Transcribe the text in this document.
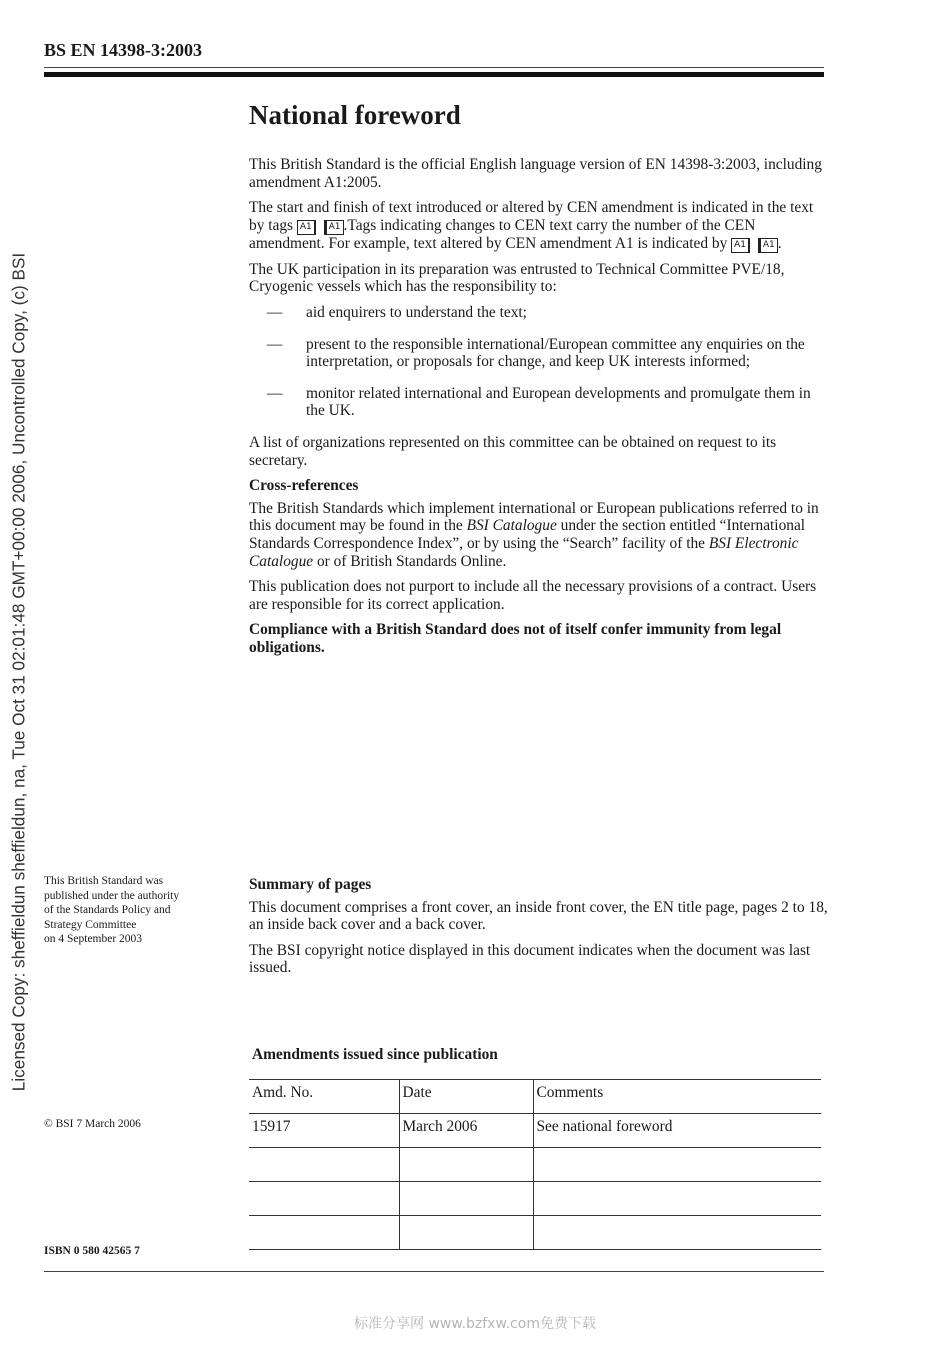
BS EN 14398-3:2003
National foreword

This British Standard is the official English language version of EN 14398-3:2003, including amendment A1:2005.

The start and finish of text introduced or altered by CEN amendment is indicated in the text by tags A1 A1 .Tags indicating changes to CEN text carry the number of the CEN amendment. For example, text altered by CEN amendment A1 is indicated by A1 A1 .

The UK participation in its preparation was entrusted to Technical Committee PVE/18, Cryogenic vessels which has the responsibility to:

— aid enquirers to understand the text;
— present to the responsible international/European committee any enquiries on the interpretation, or proposals for change, and keep UK interests informed;
— monitor related international and European developments and promulgate them in the UK.

A list of organizations represented on this committee can be obtained on request to its secretary.

Cross-references

The British Standards which implement international or European publications referred to in this document may be found in the BSI Catalogue under the section entitled “International Standards Correspondence Index”, or by using the “Search” facility of the BSI Electronic Catalogue or of British Standards Online.

This publication does not purport to include all the necessary provisions of a contract. Users are responsible for its correct application.

Compliance with a British Standard does not of itself confer immunity from legal obligations.

This British Standard was
published under the authority
of the Standards Policy and
Strategy Committee
on 4 September 2003

Summary of pages

This document comprises a front cover, an inside front cover, the EN title page, pages 2 to 18, an inside back cover and a back cover.

The BSI copyright notice displayed in this document indicates when the document was last issued.

© BSI 7 March 2006
ISBN 0 580 42565 7
Amendments issued since publication
Amd. No.	Date	Comments
15917	March 2006	See national foreword

Licensed Copy: sheffieldun sheffieldun, na, Tue Oct 31 02:01:48 GMT+00:00 2006, Uncontrolled Copy, (c) BSI
标准分享网 www.bzfxw.com免费下载
